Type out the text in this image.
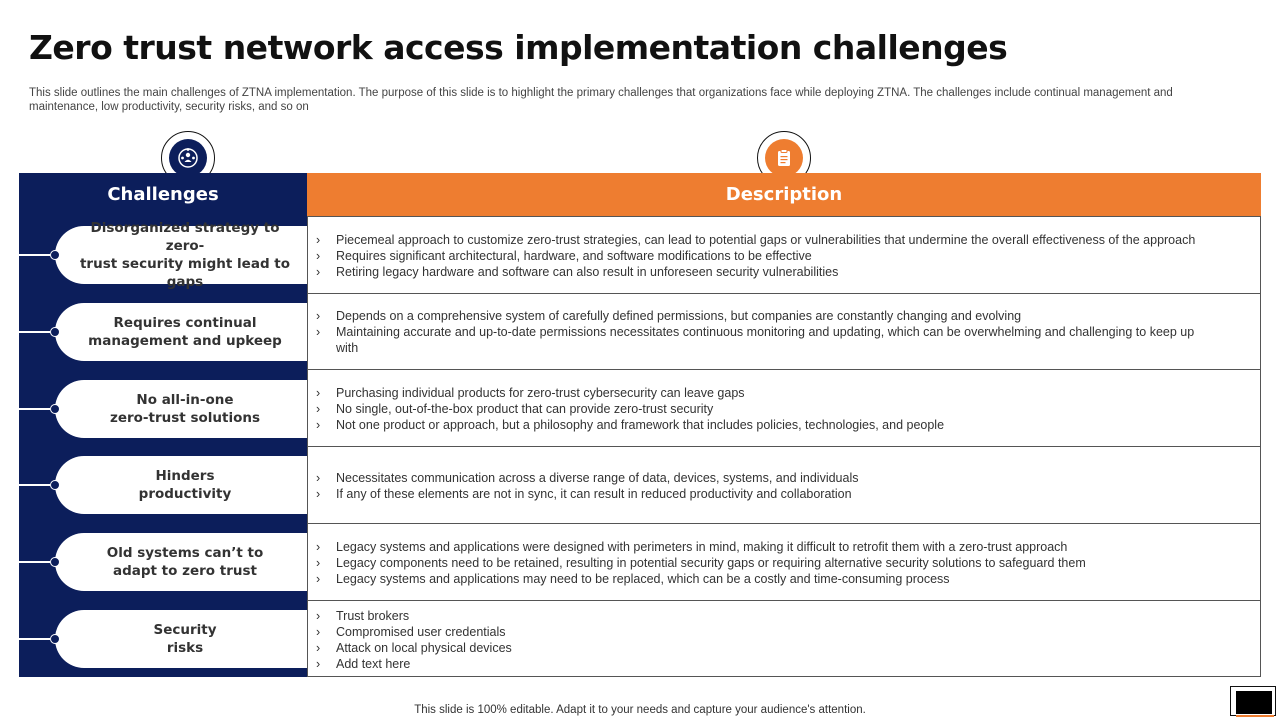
Zero trust network access implementation challenges
This slide outlines the main challenges of ZTNA implementation. The purpose of this slide is to highlight the primary challenges that organizations face while deploying ZTNA. The challenges include continual management and maintenance, low productivity, security risks, and so on
Challenges	Description
Disorganized strategy to zero-
trust security might lead to gaps
Requires continual
management and upkeep
No all-in-one
zero-trust solutions
Hinders
productivity
Old systems can’t to
adapt to zero trust
Security
risks
› Piecemeal approach to customize zero-trust strategies, can lead to potential gaps or vulnerabilities that undermine the overall effectiveness of the approach
› Requires significant architectural, hardware, and software modifications to be effective
› Retiring legacy hardware and software can also result in unforeseen security vulnerabilities
› Depends on a comprehensive system of carefully defined permissions, but companies are constantly changing and evolving
› Maintaining accurate and up-to-date permissions necessitates continuous monitoring and updating, which can be overwhelming and challenging to keep up with
› Purchasing individual products for zero-trust cybersecurity can leave gaps
› No single, out-of-the-box product that can provide zero-trust security
› Not one product or approach, but a philosophy and framework that includes policies, technologies, and people
› Necessitates communication across a diverse range of data, devices, systems, and individuals
› If any of these elements are not in sync, it can result in reduced productivity and collaboration
› Legacy systems and applications were designed with perimeters in mind, making it difficult to retrofit them with a zero-trust approach
› Legacy components need to be retained, resulting in potential security gaps or requiring alternative security solutions to safeguard them
› Legacy systems and applications may need to be replaced, which can be a costly and time-consuming process
› Trust brokers
› Compromised user credentials
› Attack on local physical devices
› Add text here
This slide is 100% editable. Adapt it to your needs and capture your audience's attention.
